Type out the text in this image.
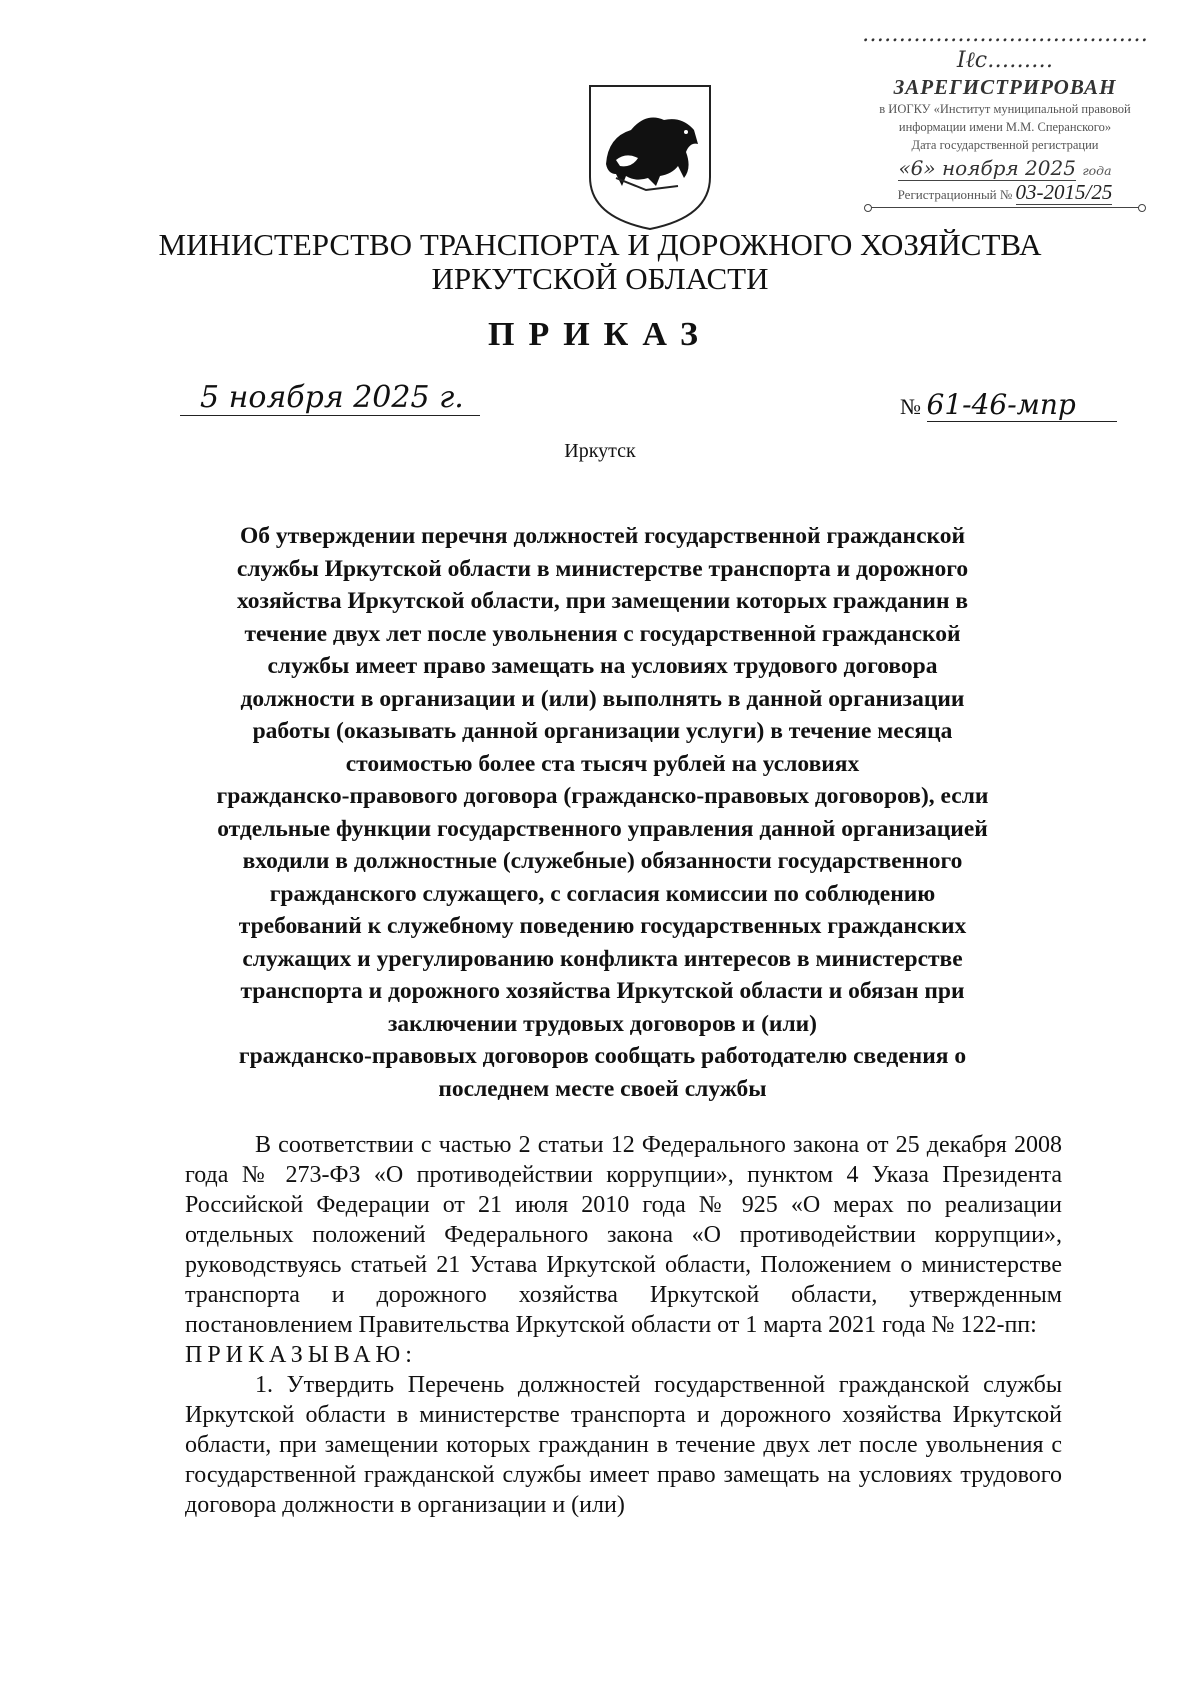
…………………………………Ιℓc………
ЗАРЕГИСТРИРОВАН
в ИОГКУ «Институт муниципальной правовой
информации имени М.М. Сперанского»
Дата государственной регистрации
«6» ноября 2025 года
Регистрационный № 03-2015/25
МИНИСТЕРСТВО ТРАНСПОРТА И ДОРОЖНОГО ХОЗЯЙСТВА
ИРКУТСКОЙ ОБЛАСТИ
ПРИКАЗ
5 ноября 2025 г.	№ 61-46-мпр
Иркутск
Об утверждении перечня должностей государственной гражданской
службы Иркутской области в министерстве транспорта и дорожного
хозяйства Иркутской области, при замещении которых гражданин в
течение двух лет после увольнения с государственной гражданской
службы имеет право замещать на условиях трудового договора
должности в организации и (или) выполнять в данной организации
работы (оказывать данной организации услуги) в течение месяца
стоимостью более ста тысяч рублей на условиях
гражданско-правового договора (гражданско-правовых договоров), если
отдельные функции государственного управления данной организацией
входили в должностные (служебные) обязанности государственного
гражданского служащего, с согласия комиссии по соблюдению
требований к служебному поведению государственных гражданских
служащих и урегулированию конфликта интересов в министерстве
транспорта и дорожного хозяйства Иркутской области и обязан при
заключении трудовых договоров и (или)
гражданско-правовых договоров сообщать работодателю сведения о
последнем месте своей службы

В соответствии с частью 2 статьи 12 Федерального закона от 25 декабря 2008 года № 273-ФЗ «О противодействии коррупции», пунктом 4 Указа Президента Российской Федерации от 21 июля 2010 года № 925 «О мерах по реализации отдельных положений Федерального закона «О противодействии коррупции», руководствуясь статьей 21 Устава Иркутской области, Положением о министерстве транспорта и дорожного хозяйства Иркутской области, утвержденным постановлением Правительства Иркутской области от 1 марта 2021 года № 122-пп:

ПРИКАЗЫВАЮ:

1. Утвердить Перечень должностей государственной гражданской службы Иркутской области в министерстве транспорта и дорожного хозяйства Иркутской области, при замещении которых гражданин в течение двух лет после увольнения с государственной гражданской службы имеет право замещать на условиях трудового договора должности в организации и (или)
